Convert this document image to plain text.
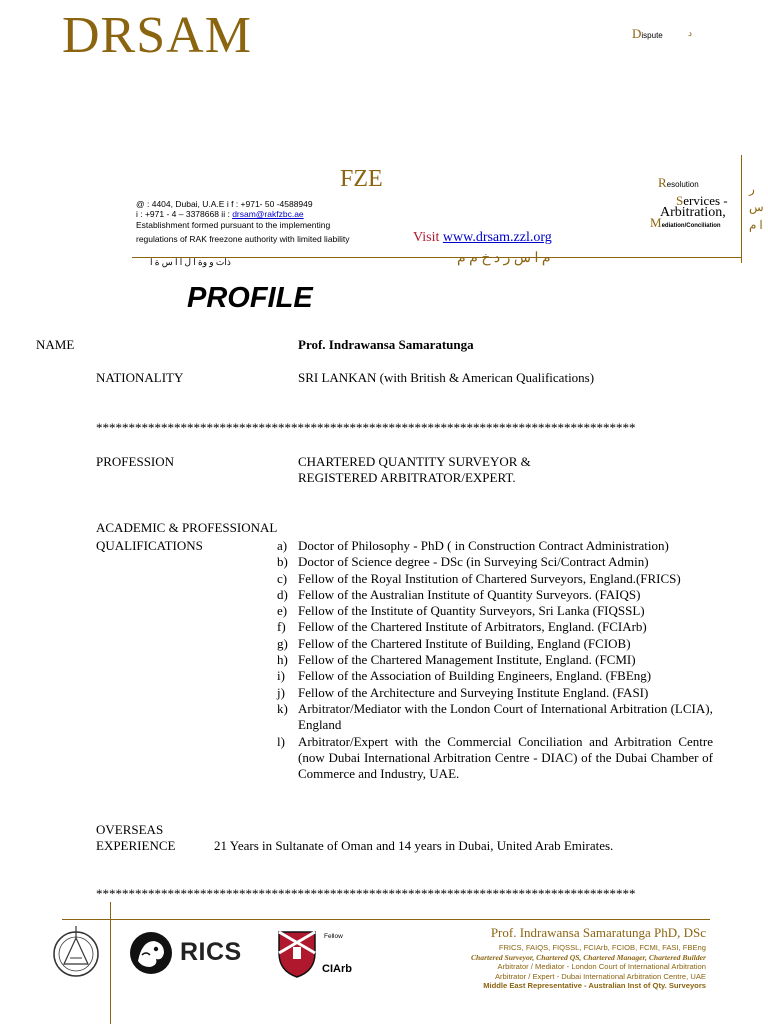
DRSAM	Dispute	د
FZE
@ : 4404, Dubai, U.A.E i f : +971- 50 -4588949
i : +971 - 4 – 3378668 ii : drsam@rakfzbc.ae
Establishment formed pursuant to the implementing
regulations of RAK freezone authority with limited liability	Visit www.drsam.zzl.org
Resolution
Services -
Arbitration,
Mediation/Conciliation
ر س ا م
ذات و وة ا ل ا ا س ة ا	م ا س ر د خ م م
PROFILE
NAME	Prof. Indrawansa Samaratunga
NATIONALITY	SRI LANKAN (with British & American Qualifications)
***********************************************************************************
PROFESSION	CHARTERED QUANTITY SURVEYOR &
REGISTERED ARBITRATOR/EXPERT.
ACADEMIC & PROFESSIONAL
QUALIFICATIONS	a) Doctor of Philosophy - PhD ( in Construction Contract Administration)
b) Doctor of Science degree - DSc (in Surveying Sci/Contract Admin)
c) Fellow of the Royal Institution of Chartered Surveyors, England.(FRICS)
d) Fellow of the Australian Institute of Quantity Surveyors. (FAIQS)
e) Fellow of the Institute of Quantity Surveyors, Sri Lanka (FIQSSL)
f) Fellow of the Chartered Institute of Arbitrators, England. (FCIArb)
g) Fellow of the Chartered Institute of Building, England (FCIOB)
h) Fellow of the Chartered Management Institute, England. (FCMI)
i)	Fellow of the Association of Building Engineers, England. (FBEng)
j)	Fellow of the Architecture and Surveying Institute England. (FASI)
k) Arbitrator/Mediator with the London Court of International Arbitration (LCIA), England
l)	Arbitrator/Expert with the Commercial Conciliation and Arbitration Centre (now Dubai International Arbitration Centre - DIAC) of the Dubai Chamber of Commerce and Industry, UAE.
OVERSEAS
EXPERIENCE	21 Years in Sultanate of Oman and 14 years in Dubai, United Arab Emirates.
***********************************************************************************
RICS
Fellow
CIArb
Prof. Indrawansa Samaratunga PhD, DSc
FRICS, FAIQS, FIQSSL, FCIArb, FCIOB, FCMI, FASI, FBEng
Chartered Surveyor, Chartered QS, Chartered Manager, Chartered Builder
Arbitrator / Mediator - London Court of International Arbitration
Arbitrator / Expert - Dubai International Arbitration Centre, UAE
Middle East Representative - Australian Inst of Qty. Surveyors
